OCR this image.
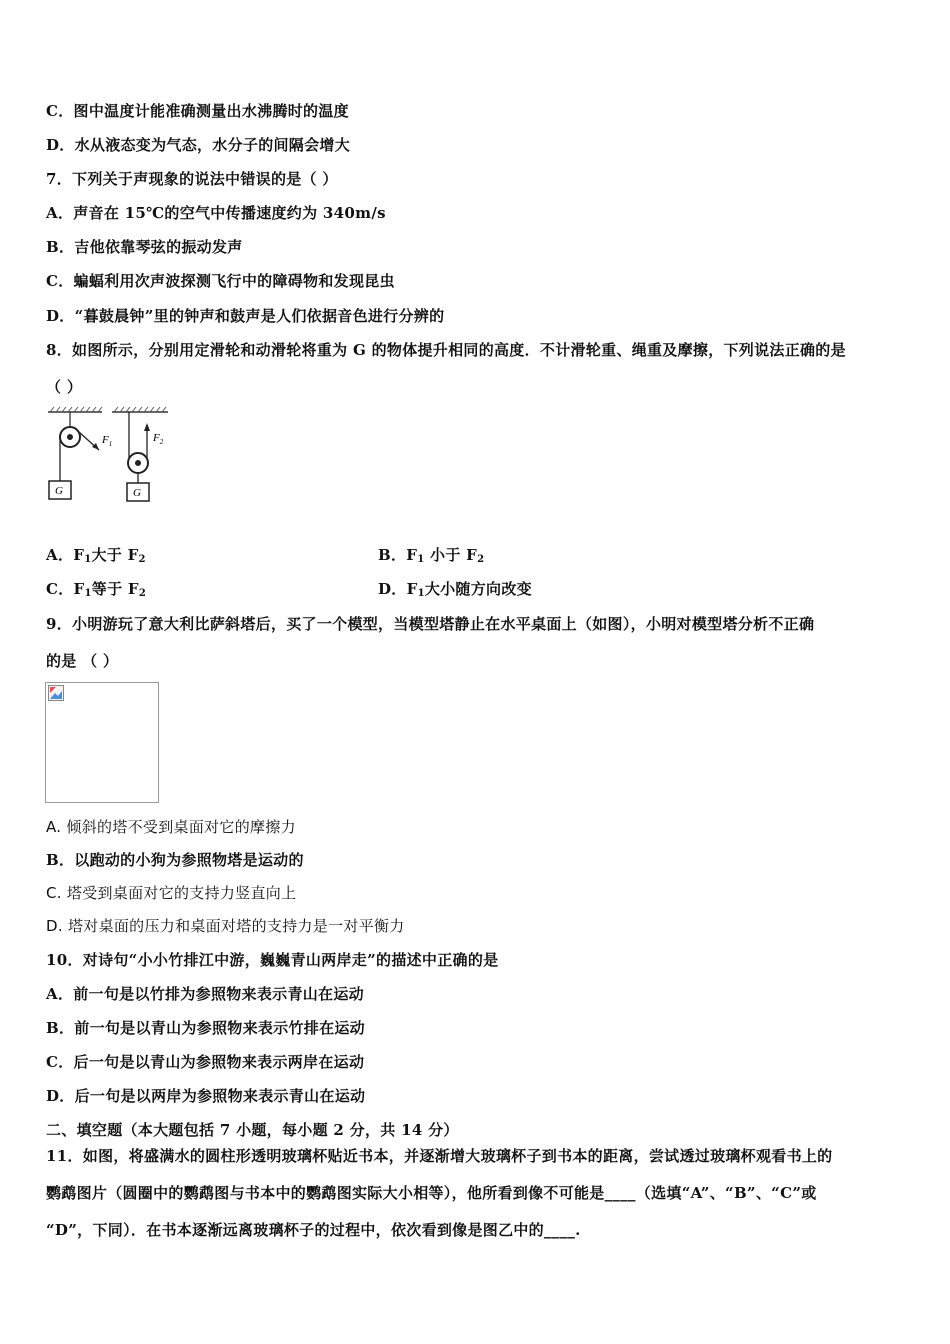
C．图中温度计能准确测量出水沸腾时的温度
D．水从液态变为气态，水分子的间隔会增大
7．下列关于声现象的说法中错误的是（ ）
A．声音在 15℃的空气中传播速度约为 340m/s
B．吉他依靠琴弦的振动发声
C．蝙蝠利用次声波探测飞行中的障碍物和发现昆虫
D．“暮鼓晨钟”里的钟声和鼓声是人们依据音色进行分辨的
8．如图所示，分别用定滑轮和动滑轮将重为 G 的物体提升相同的高度．不计滑轮重、绳重及摩擦，下列说法正确的是
（ ）
$F_1$
G
$F_2$
G
A．$F_1$大于 $F_2$	B．$F_1$ 小于 $F_2$
C．$F_1$等于 $F_2$	D．$F_1$大小随方向改变
9．小明游玩了意大利比萨斜塔后，买了一个模型，当模型塔静止在水平桌面上（如图），小明对模型塔分析不正确
的是 （ ）
A. 倾斜的塔不受到桌面对它的摩擦力
B．以跑动的小狗为参照物塔是运动的
C. 塔受到桌面对它的支持力竖直向上
D. 塔对桌面的压力和桌面对塔的支持力是一对平衡力
10．对诗句“小小竹排江中游，巍巍青山两岸走”的描述中正确的是
A．前一句是以竹排为参照物来表示青山在运动
B．前一句是以青山为参照物来表示竹排在运动
C．后一句是以青山为参照物来表示两岸在运动
D．后一句是以两岸为参照物来表示青山在运动
二、填空题（本大题包括 7 小题，每小题 2 分，共 14 分）
11．如图，将盛满水的圆柱形透明玻璃杯贴近书本，并逐渐增大玻璃杯子到书本的距离，尝试透过玻璃杯观看书上的
鹦鹉图片（圆圈中的鹦鹉图与书本中的鹦鹉图实际大小相等），他所看到像不可能是____（选填“A”、“B”、“C”或
“D”，下同）．在书本逐渐远离玻璃杯子的过程中，依次看到像是图乙中的____.
